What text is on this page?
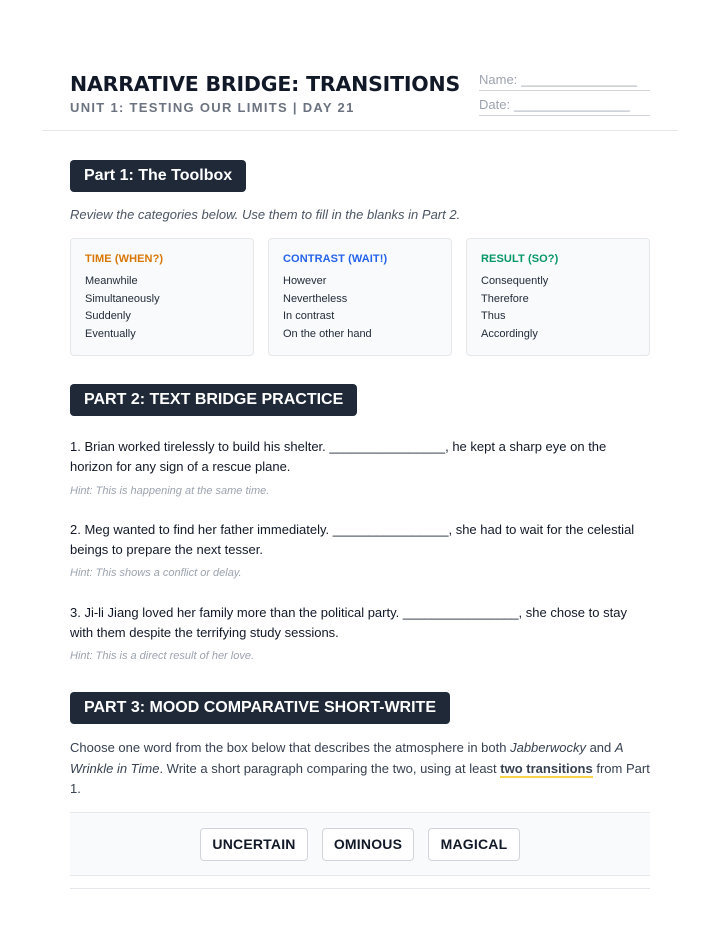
NARRATIVE BRIDGE: TRANSITIONS
UNIT 1: TESTING OUR LIMITS | DAY 21
Name: ________________
Date: ________________
Part 1: The Toolbox
Review the categories below. Use them to fill in the blanks in Part 2.
TIME (WHEN?)
Meanwhile
Simultaneously
Suddenly
Eventually
CONTRAST (WAIT!)
However
Nevertheless
In contrast
On the other hand
RESULT (SO?)
Consequently
Therefore
Thus
Accordingly
PART 2: TEXT BRIDGE PRACTICE
1. Brian worked tirelessly to build his shelter. ________________, he kept a sharp eye on the horizon for any sign of a rescue plane.
Hint: This is happening at the same time.
2. Meg wanted to find her father immediately. ________________, she had to wait for the celestial beings to prepare the next tesser.
Hint: This shows a conflict or delay.
3. Ji-li Jiang loved her family more than the political party. ________________, she chose to stay with them despite the terrifying study sessions.
Hint: This is a direct result of her love.
PART 3: MOOD COMPARATIVE SHORT-WRITE
Choose one word from the box below that describes the atmosphere in both Jabberwocky and A Wrinkle in Time. Write a short paragraph comparing the two, using at least two transitions from Part 1.
UNCERTAIN	OMINOUS	MAGICAL
